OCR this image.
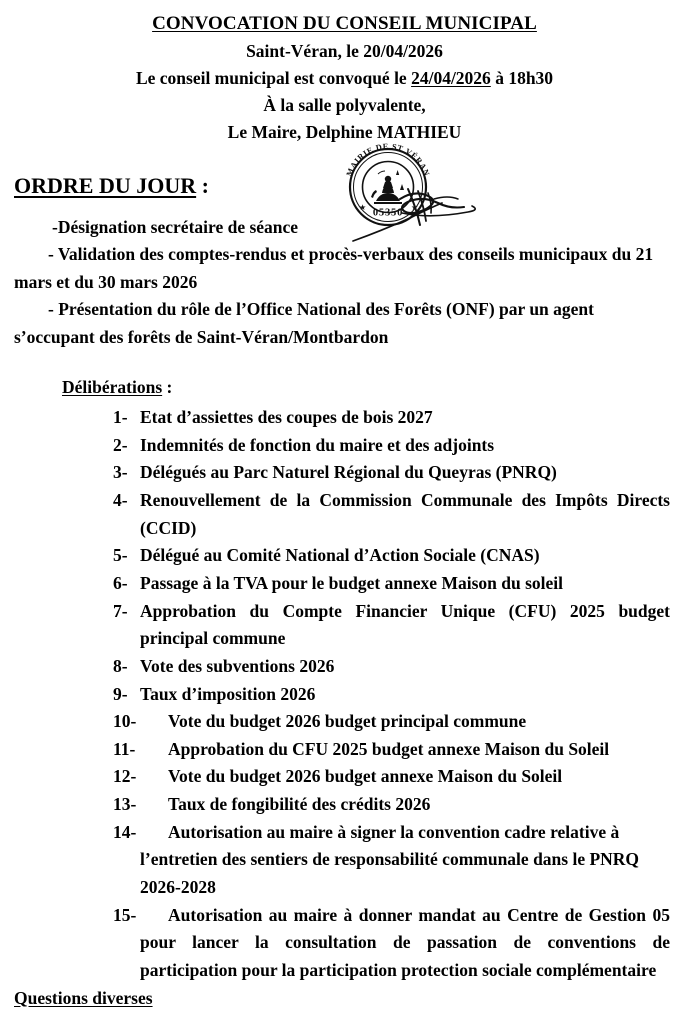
CONVOCATION DU CONSEIL MUNICIPAL
Saint-Véran, le 20/04/2026
Le conseil municipal est convoqué le 24/04/2026 à 18h30
À la salle polyvalente,
Le Maire, Delphine MATHIEU
MAIRIE DE ST VÉRAN
★	★
05350
ORDRE DU JOUR :

-Désignation secrétaire de séance

- Validation des comptes-rendus et procès-verbaux des conseils municipaux du 21 mars et du 30 mars 2026

- Présentation du rôle de l’Office National des Forêts (ONF) par un agent s’occupant des forêts de Saint-Véran/Montbardon

Délibérations :
1- Etat d’assiettes des coupes de bois 2027
2- Indemnités de fonction du maire et des adjoints
3- Délégués au Parc Naturel Régional du Queyras (PNRQ)
4- Renouvellement de la Commission Communale des Impôts Directs (CCID)
5- Délégué au Comité National d’Action Sociale (CNAS)
6- Passage à la TVA pour le budget annexe Maison du soleil
7- Approbation du Compte Financier Unique (CFU) 2025 budget principal commune
8- Vote des subventions 2026
9- Taux d’imposition 2026
10-	Vote du budget 2026 budget principal commune
11-	Approbation du CFU 2025 budget annexe Maison du Soleil
12-	Vote du budget 2026 budget annexe Maison du Soleil
13-	Taux de fongibilité des crédits 2026
14-	Autorisation au maire à signer la convention cadre relative à l’entretien des sentiers de responsabilité communale dans le PNRQ 2026-2028
15-	Autorisation au maire à donner mandat au Centre de Gestion 05 pour lancer la consultation de passation de conventions de participation pour la participation protection sociale complémentaire
Questions diverses
